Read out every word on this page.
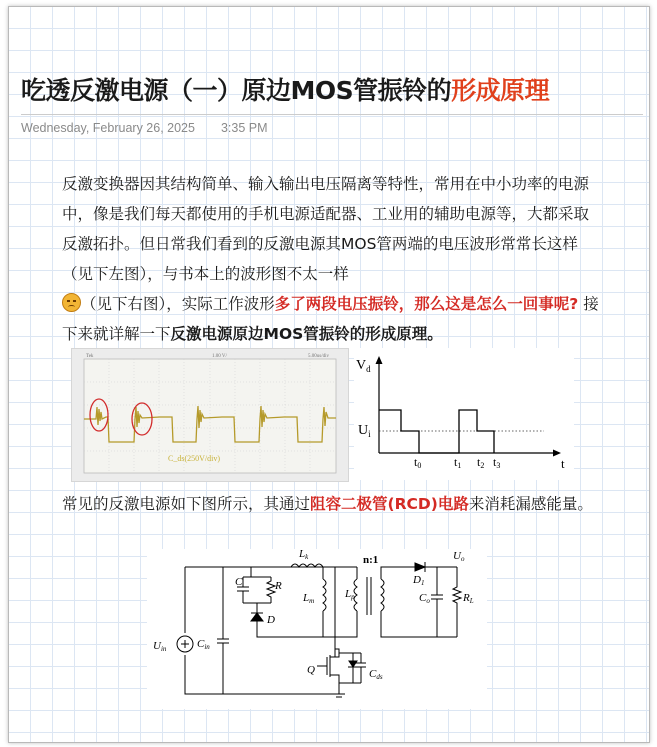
吃透反激电源（一）原边MOS管振铃的形成原理
Wednesday, February 26, 2025 3:35 PM
反激变换器因其结构简单、输入输出电压隔离等特性，常用在中小功率的电源中，像是我们每天都使用的手机电源适配器、工业用的辅助电源等，大都采取反激拓扑。但日常我们看到的反激电源其MOS管两端的电压波形常常长这样（见下左图），与书本上的波形图不太一样

（见下右图），实际工作波形多了两段电压振铃，那么这是怎么一回事呢? 接下来就详解一下反激电源原边MOS管振铃的形成原理。
Tek	1.00 V/	5.00us/div
C_ds(250V/div)
$V_d$
$U_i$
t0	t1 t2 t3	t
常见的反激电源如下图所示，其通过阻容二极管(RCD)电路来消耗漏感能量。
C	R
D
Lk
Lm
Lp
n:1
D1
Uo
Co	RL
Uin	Cin
Q	Cds
